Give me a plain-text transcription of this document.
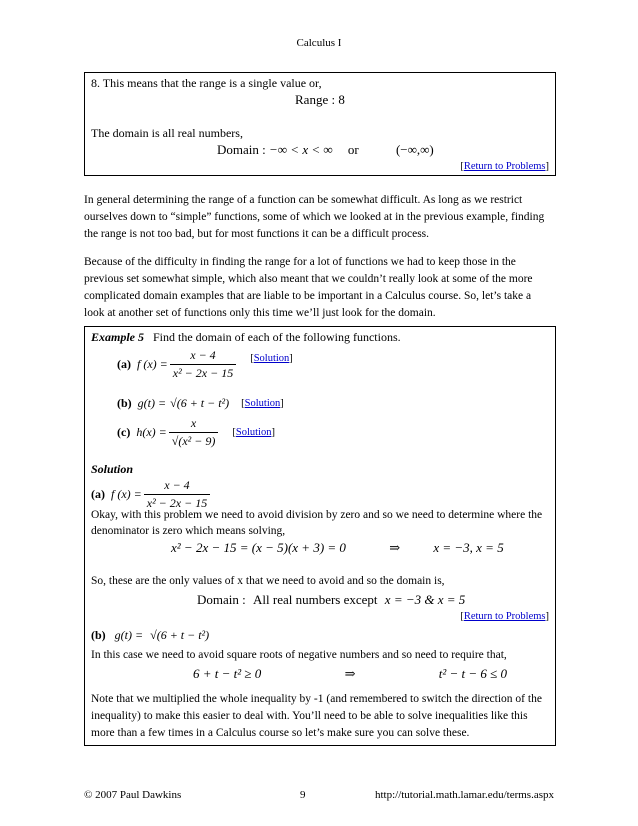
Calculus I
8. This means that the range is a single value or,
Range : 8
The domain is all real numbers,
Domain : −∞ < x < ∞ or	(−∞,∞)
[Return to Problems]
In general determining the range of a function can be somewhat difficult. As long as we restrict ourselves down to “simple” functions, some of which we looked at in the previous example, finding the range is not too bad, but for most functions it can be a difficult process.
Because of the difficulty in finding the range for a lot of functions we had to keep those in the previous set somewhat simple, which also meant that we couldn’t really look at some of the more complicated domain examples that are liable to be important in a Calculus course. So, let’s take a look at another set of functions only this time we’ll just look for the domain.
Example 5 Find the domain of each of the following functions.
(a) f $(x) = \frac{x - 4}{\text{x² − 2x − 15}}$ [Solution]
(b) g(t) = √(6 + t − t²) [Solution]
(c) $h(x) = \frac{x}{\text{√(x² − 9)}}$ [Solution]
Solution
(a) f $(x) = \frac{x - 4}{\text{x² − 2x − 15}}$
Okay, with this problem we need to avoid division by zero and so we need to determine where the denominator is zero which means solving,
x² − 2x − 15 = (x − 5)(x + 3) = 0	⇒	x = −3, x = 5
So, these are the only values of x that we need to avoid and so the domain is,
Domain : All real numbers except x = −3 & x = 5
[Return to Problems]
(b) g(t) = √(6 + t − t²)
In this case we need to avoid square roots of negative numbers and so need to require that,
6 + t − t² ≥ 0	⇒	t² − t − 6 ≤ 0
Note that we multiplied the whole inequality by -1 (and remembered to switch the direction of the inequality) to make this easier to deal with. You’ll need to be able to solve inequalities like this more than a few times in a Calculus course so let’s make sure you can solve these.
© 2007 Paul Dawkins	9	http://tutorial.math.lamar.edu/terms.aspx
